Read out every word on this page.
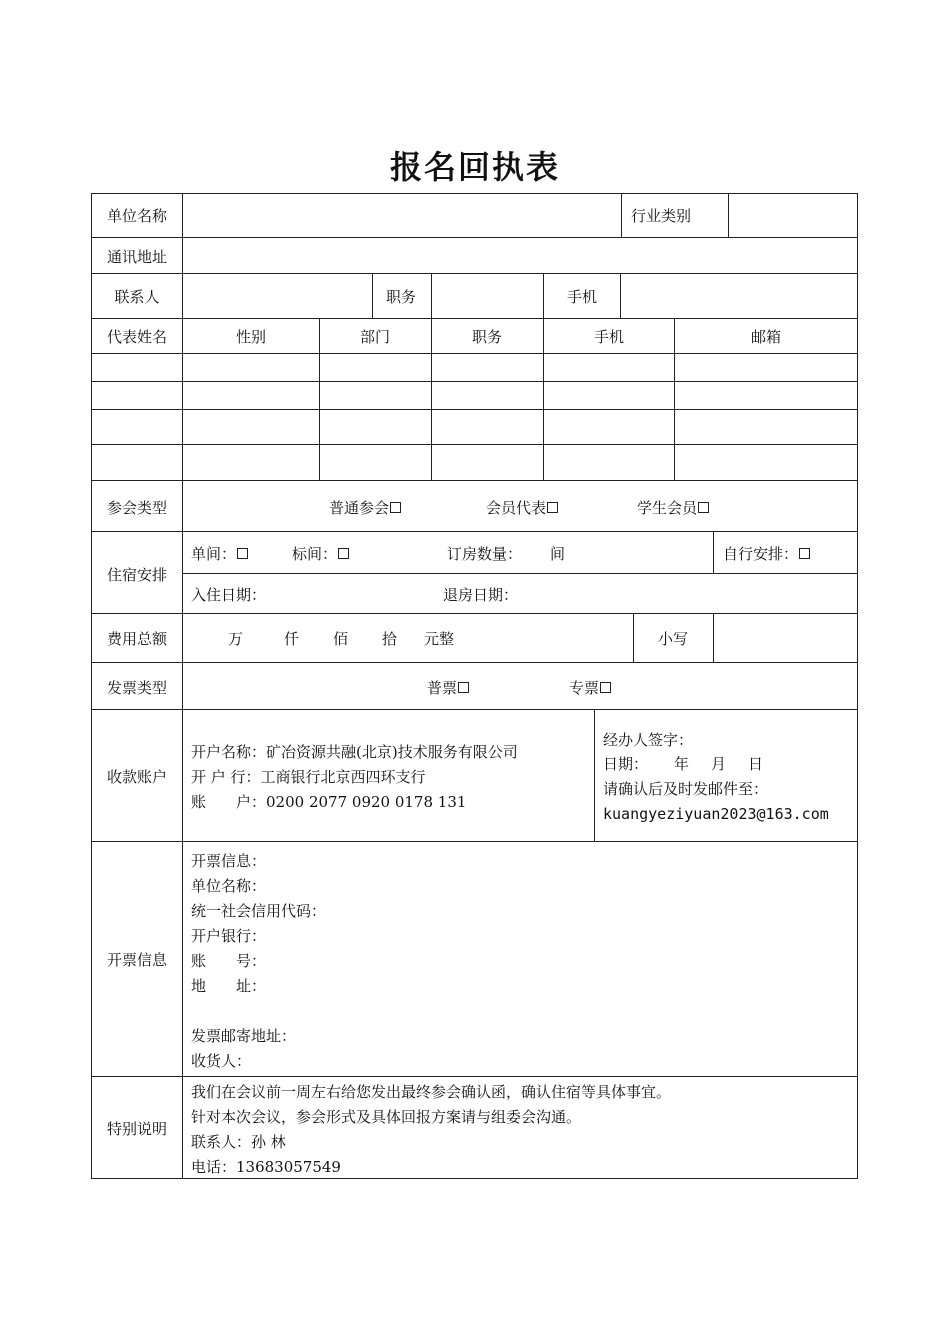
报名回执表
单位名称	行业类别
通讯地址
联系人	职务	手机
代表姓名	性别	部门	职务	手机	邮箱
参会类型	普通参会	会员代表	学生会员
住宿安排
单间：	标间：	订房数量： 间	自行安排：
入住日期：	退房日期：
费用总额	万	仟 佰 拾 元整	小写
发票类型	普票	专票
收款账户
开户名称：矿冶资源共融(北京)技术服务有限公司
开 户 行：工商银行北京西四环支行
账　　户：0200 2077 0920 0178 131
经办人签字：
日期： 年 月 日
请确认后及时发邮件至：
kuangyeziyuan2023@163.com
开票信息
开票信息：
单位名称：
统一社会信用代码：
开户银行：
账　　号：
地　　址：
发票邮寄地址：
收货人：
特别说明
我们在会议前一周左右给您发出最终参会确认函，确认住宿等具体事宜。
针对本次会议，参会形式及具体回报方案请与组委会沟通。
联系人：孙 林
电话：13683057549
